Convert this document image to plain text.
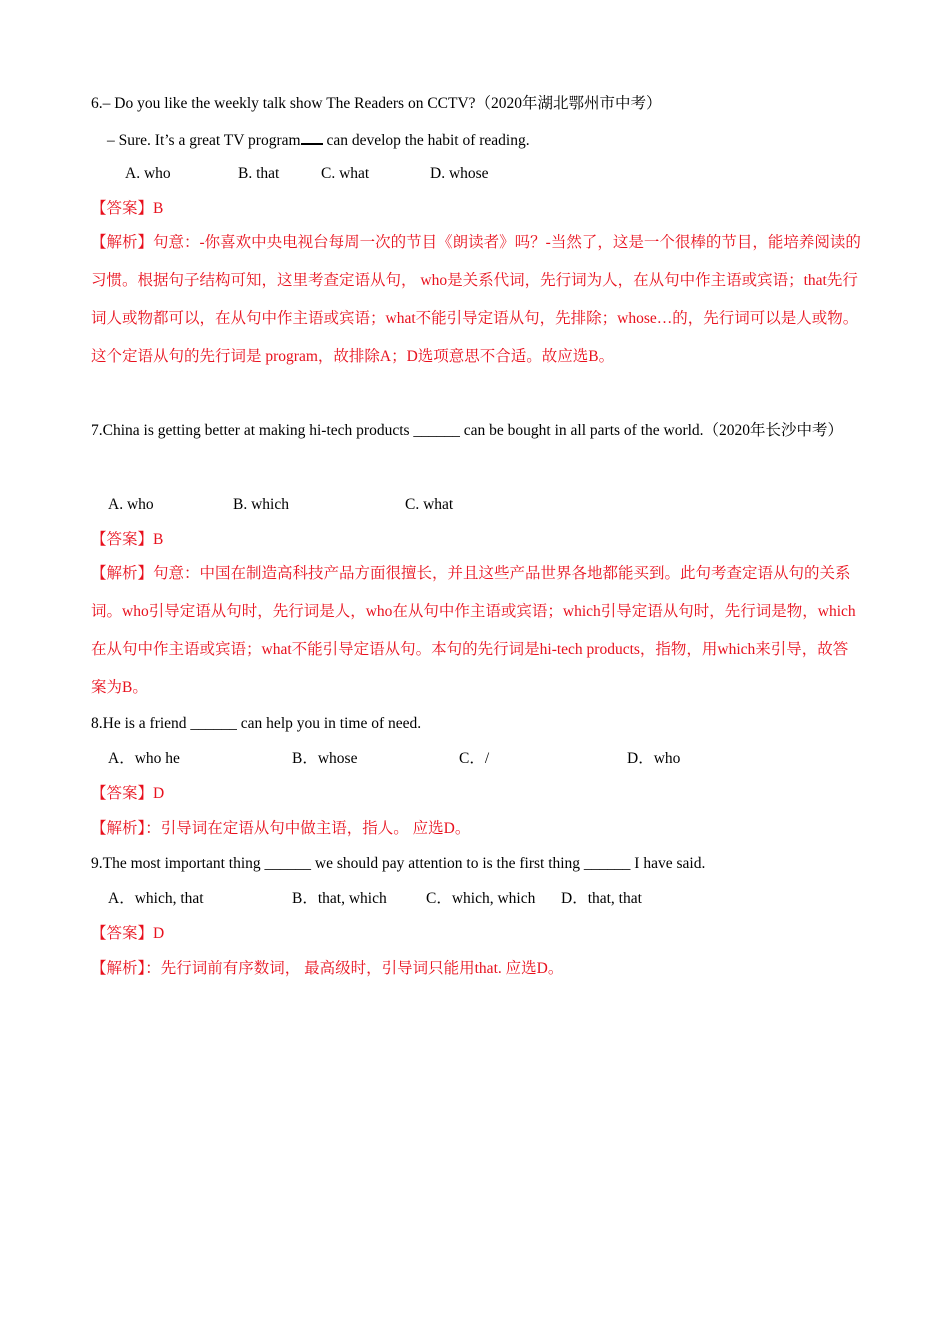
6.– Do you like the weekly talk show The Readers on CCTV?（2020年湖北鄂州市中考）
– Sure. It’s a great TV program can develop the habit of reading.
A. who	B. that	C. what	D. whose
【答案】B
【解析】句意：-你喜欢中央电视台每周一次的节目《朗读者》吗？-当然了，这是一个很棒的节目，能培养阅读的习惯。根据句子结构可知，这里考查定语从句， who是关系代词，先行词为人，在从句中作主语或宾语；that先行词人或物都可以，在从句中作主语或宾语；what不能引导定语从句，先排除；whose…的，先行词可以是人或物。这个定语从句的先行词是 program，故排除A；D选项意思不合适。故应选B。
7.China is getting better at making hi-tech products ______ can be bought in all parts of the world.（2020年长沙中考）
A. who	B. which	C. what
【答案】B
【解析】句意：中国在制造高科技产品方面很擅长，并且这些产品世界各地都能买到。此句考查定语从句的关系词。who引导定语从句时，先行词是人，who在从句中作主语或宾语；which引导定语从句时，先行词是物，which在从句中作主语或宾语；what不能引导定语从句。本句的先行词是hi-tech products，指物，用which来引导，故答案为B。
8.He is a friend ______ can help you in time of need.
A．who he	B．whose	C．/	D．who
【答案】D
【解析】：引导词在定语从句中做主语，指人。 应选D。
9.The most important thing ______ we should pay attention to is the first thing ______ I have said.
A．which, that	B．that, which	C．which, which D．that, that
【答案】D
【解析】：先行词前有序数词， 最高级时，引导词只能用that. 应选D。
